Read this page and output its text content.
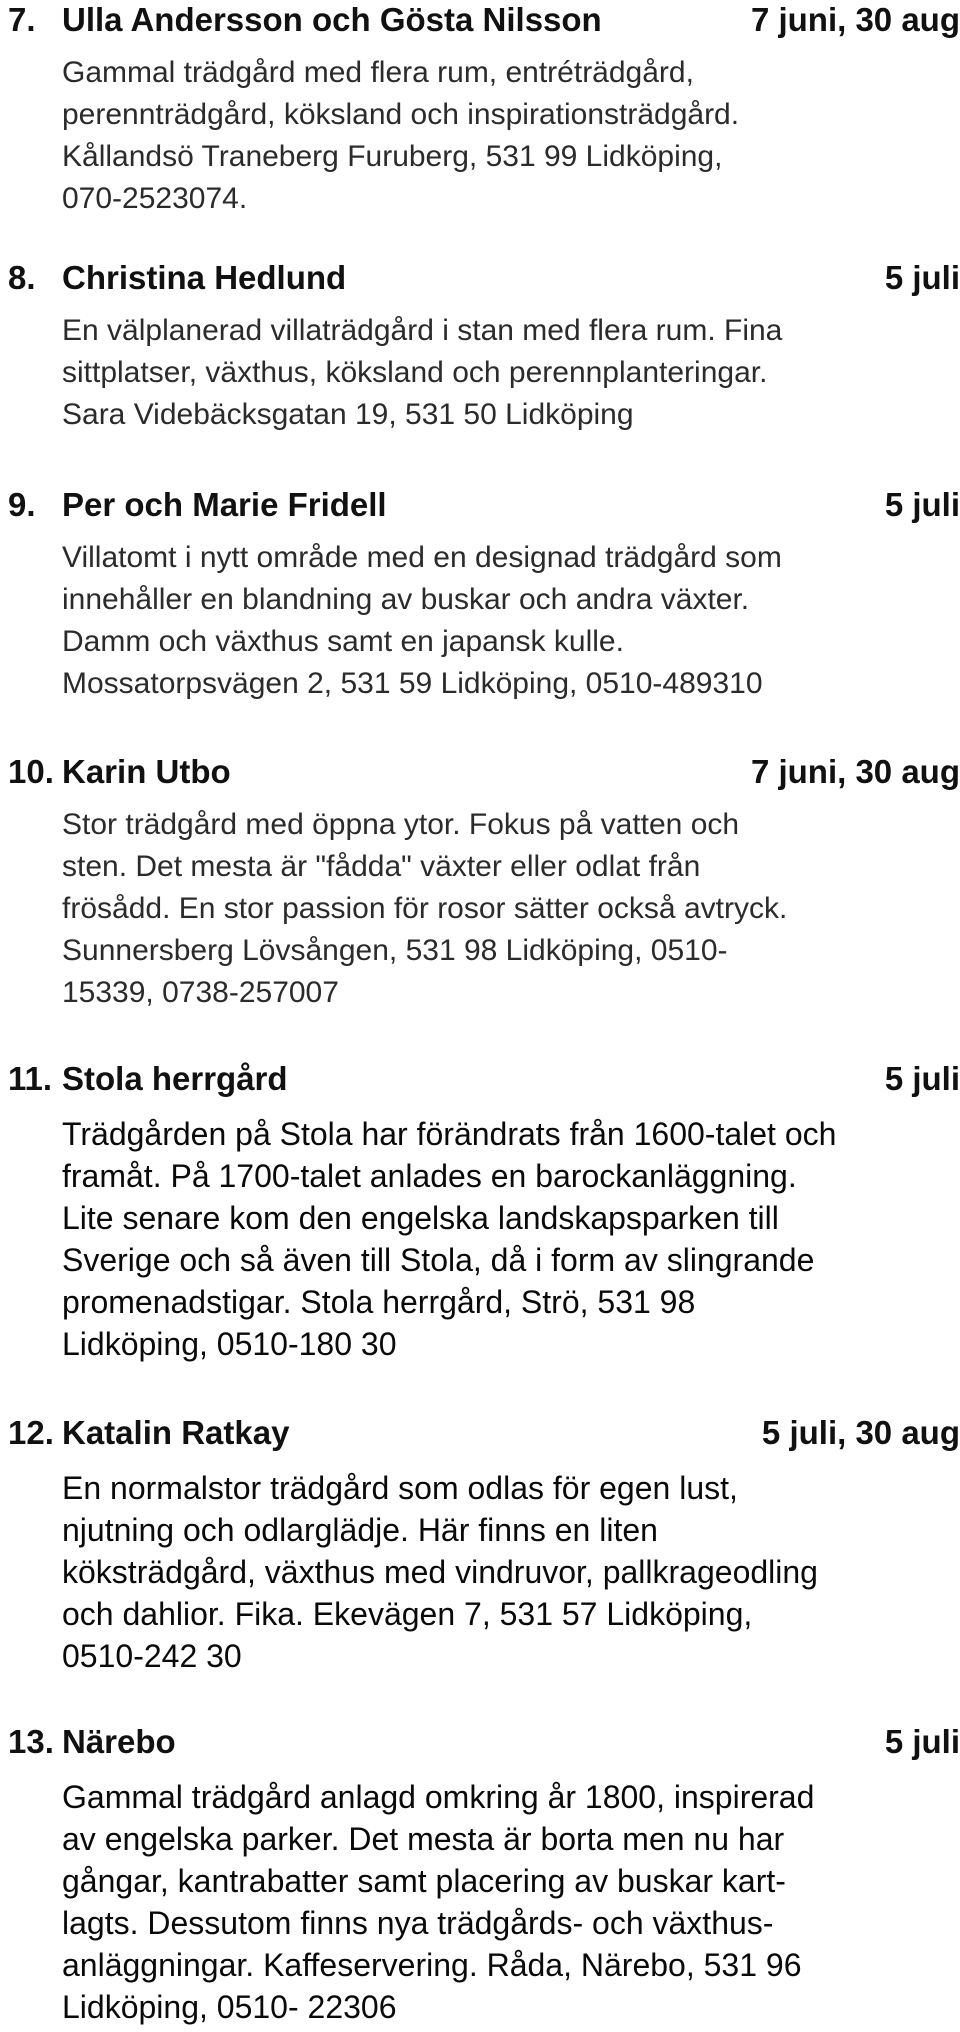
7. Ulla Andersson och Gösta Nilsson	7 juni, 30 aug

Gammal trädgård med flera rum, entréträdgård,
perennträdgård, köksland och inspirationsträdgård.
Kållandsö Traneberg Furuberg, 531 99 Lidköping,
070-2523074.

8. Christina Hedlund	5 juli

En välplanerad villaträdgård i stan med flera rum. Fina
sittplatser, växthus, köksland och perennplanteringar.
Sara Videbäcksgatan 19, 531 50 Lidköping

9. Per och Marie Fridell	5 juli

Villatomt i nytt område med en designad trädgård som
innehåller en blandning av buskar och andra växter.
Damm och växthus samt en japansk kulle.
Mossatorpsvägen 2, 531 59 Lidköping, 0510-489310

10. Karin Utbo	7 juni, 30 aug

Stor trädgård med öppna ytor. Fokus på vatten och
sten. Det mesta är "fådda" växter eller odlat från
frösådd. En stor passion för rosor sätter också avtryck.
Sunnersberg Lövsången, 531 98 Lidköping, 0510-
15339, 0738-257007

11. Stola herrgård	5 juli

Trädgården på Stola har förändrats från 1600-talet och
framåt. På 1700-talet anlades en barockanläggning.
Lite senare kom den engelska landskapsparken till
Sverige och så även till Stola, då i form av slingrande
promenadstigar. Stola herrgård, Strö, 531 98
Lidköping, 0510-180 30

12. Katalin Ratkay	5 juli, 30 aug

En normalstor trädgård som odlas för egen lust,
njutning och odlarglädje. Här finns en liten
köksträdgård, växthus med vindruvor, pallkrageodling
och dahlior. Fika. Ekevägen 7, 531 57 Lidköping,
0510-242 30

13. Närebo	5 juli

Gammal trädgård anlagd omkring år 1800, inspirerad
av engelska parker. Det mesta är borta men nu har
gångar, kantrabatter samt placering av buskar kart-
lagts. Dessutom finns nya trädgårds- och växthus-
anläggningar. Kaffeservering. Råda, Närebo, 531 96
Lidköping, 0510- 22306
